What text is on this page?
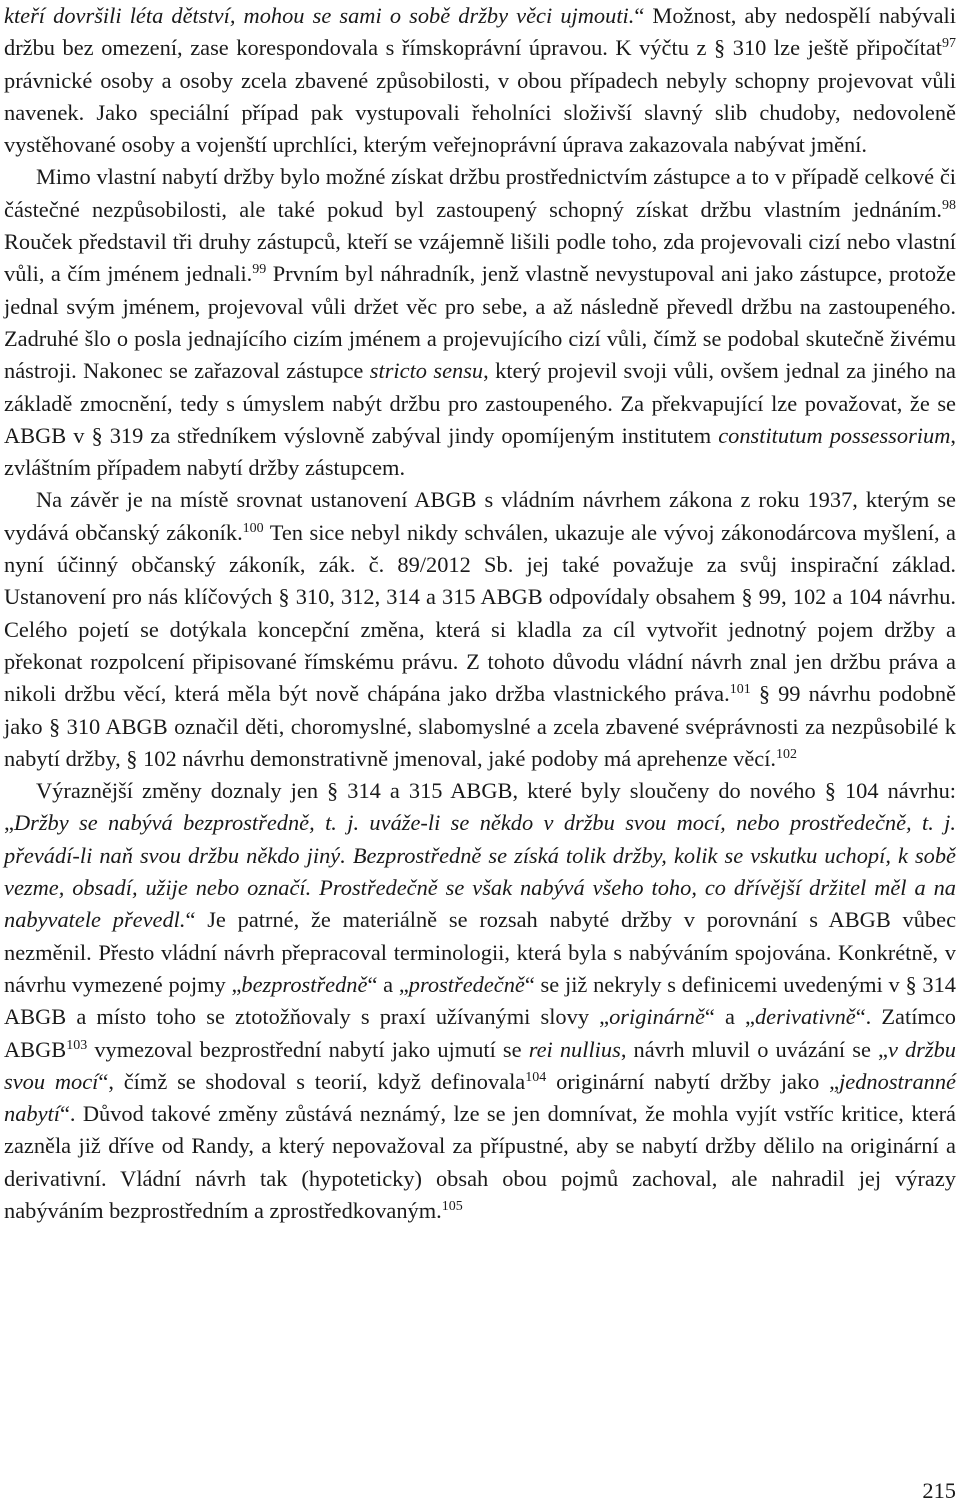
kteří dovršili léta dětství, mohou se sami o sobě držby věci ujmouti.“ Možnost, aby nedospělí nabývali držbu bez omezení, zase korespondovala s římskoprávní úpravou. K výčtu z § 310 lze ještě připočítat$^{97}$ právnické osoby a osoby zcela zbavené způsobilosti, v obou případech nebyly schopny projevovat vůli navenek. Jako speciální případ pak vystupovali řeholníci složivší slavný slib chudoby, nedovoleně vystěhované osoby a vojenští uprchlíci, kterým veřejnoprávní úprava zakazovala nabývat jmění.

Mimo vlastní nabytí držby bylo možné získat držbu prostřednictvím zástupce a to v případě celkové či částečné nezpůsobilosti, ale také pokud byl zastoupený schopný získat držbu vlastním jednáním.$^{98}$ Rouček představil tři druhy zástupců, kteří se vzájemně lišili podle toho, zda projevovali cizí nebo vlastní vůli, a čím jménem jednali.$^{99}$ Prvním byl náhradník, jenž vlastně nevystupoval ani jako zástupce, protože jednal svým jménem, projevoval vůli držet věc pro sebe, a až následně převedl držbu na zastoupeného. Zadruhé šlo o posla jednajícího cizím jménem a projevujícího cizí vůli, čímž se podobal skutečně živému nástroji. Nakonec se zařazoval zástupce stricto sensu, který projevil svoji vůli, ovšem jednal za jiného na základě zmocnění, tedy s úmyslem nabýt držbu pro zastoupeného. Za překvapující lze považovat, že se ABGB v § 319 za středníkem výslovně zabýval jindy opomíjeným institutem constitutum possessorium, zvláštním případem nabytí držby zástupcem.

Na závěr je na místě srovnat ustanovení ABGB s vládním návrhem zákona z roku 1937, kterým se vydává občanský zákoník.$^{100}$ Ten sice nebyl nikdy schválen, ukazuje ale vývoj zákonodárcova myšlení, a nyní účinný občanský zákoník, zák. č. 89/2012 Sb. jej také považuje za svůj inspirační základ. Ustanovení pro nás klíčových § 310, 312, 314 a 315 ABGB odpovídaly obsahem § 99, 102 a 104 návrhu. Celého pojetí se dotýkala koncepční změna, která si kladla za cíl vytvořit jednotný pojem držby a překonat rozpolcení připisované římskému právu. Z tohoto důvodu vládní návrh znal jen držbu práva a nikoli držbu věcí, která měla být nově chápána jako držba vlastnického práva.$^{101}$ § 99 návrhu podobně jako § 310 ABGB označil děti, choromyslné, slabomyslné a zcela zbavené svéprávnosti za nezpůsobilé k nabytí držby, § 102 návrhu demonstrativně jmenoval, jaké podoby má aprehenze věcí.$^{102}$

Výraznější změny doznaly jen § 314 a 315 ABGB, které byly sloučeny do nového § 104 návrhu: „Držby se nabývá bezprostředně, t. j. uváže-li se někdo v držbu svou mocí, nebo prostředečně, t. j. převádí-li naň svou držbu někdo jiný. Bezprostředně se získá tolik držby, kolik se vskutku uchopí, k sobě vezme, obsadí, užije nebo označí. Prostředečně se však nabývá všeho toho, co dřívější držitel měl a na nabyvatele převedl.“ Je patrné, že materiálně se rozsah nabyté držby v porovnání s ABGB vůbec nezměnil. Přesto vládní návrh přepracoval terminologii, která byla s nabýváním spojována. Konkrétně, v návrhu vymezené pojmy „bezprostředně“ a „prostředečně“ se již nekryly s definicemi uvedenými v § 314 ABGB a místo toho se ztotožňovaly s praxí užívanými slovy „originárně“ a „derivativně“. Zatímco ABGB$^{103}$ vymezoval bezprostřední nabytí jako ujmutí se rei nullius, návrh mluvil o uvázání se „v držbu svou mocí“, čímž se shodoval s teorií, když definovala$^{104}$ originární nabytí držby jako „jednostranné nabytí“. Důvod takové změny zůstává neznámý, lze se jen domnívat, že mohla vyjít vstříc kritice, která zazněla již dříve od Randy, a který nepovažoval za přípustné, aby se nabytí držby dělilo na originární a derivativní. Vládní návrh tak (hypoteticky) obsah obou pojmů zachoval, ale nahradil jej výrazy nabýváním bezprostředním a zprostředkovaným.$^{105}$

215
